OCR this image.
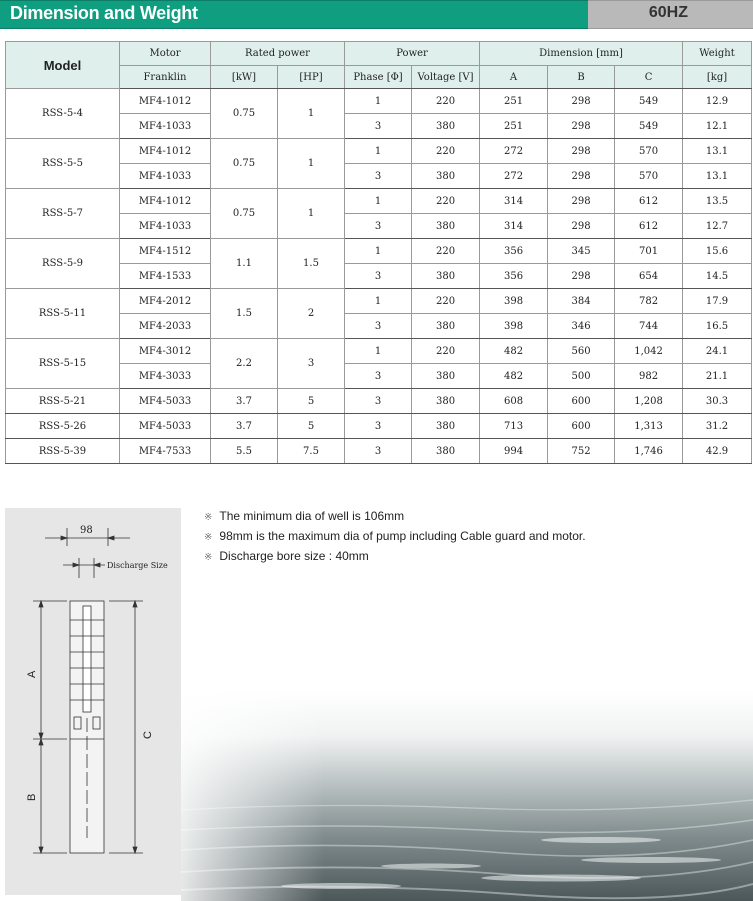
Dimension and Weight	60HZ
Model	Motor	Rated power		Power		Dimension [mm]			Weight
	Franklin	[kW]	[HP]	Phase [Φ]	Voltage [V]	A	B	C	[kg]
RSS-5-4	MF4-1012	0.75	1	1	220	251	298	549	12.9
	MF4-1033			3	380	251	298	549	12.1
RSS-5-5	MF4-1012	0.75	1	1	220	272	298	570	13.1
	MF4-1033			3	380	272	298	570	13.1
RSS-5-7	MF4-1012	0.75	1	1	220	314	298	612	13.5
	MF4-1033			3	380	314	298	612	12.7
RSS-5-9	MF4-1512	1.1	1.5	1	220	356	345	701	15.6
	MF4-1533			3	380	356	298	654	14.5
RSS-5-11	MF4-2012	1.5	2	1	220	398	384	782	17.9
	MF4-2033			3	380	398	346	744	16.5
RSS-5-15	MF4-3012	2.2	3	1	220	482	560	1,042	24.1
	MF4-3033			3	380	482	500	982	21.1
RSS-5-21	MF4-5033	3.7	5	3	380	608	600	1,208	30.3
RSS-5-26	MF4-5033	3.7	5	3	380	713	600	1,313	31.2
RSS-5-39	MF4-7533	5.5	7.5	3	380	994	752	1,746	42.9
98
Discharge Size
A
B
C
※ The minimum dia of well is 106mm
※ 98mm is the maximum dia of pump including Cable guard and motor.
※ Discharge bore size : 40mm
